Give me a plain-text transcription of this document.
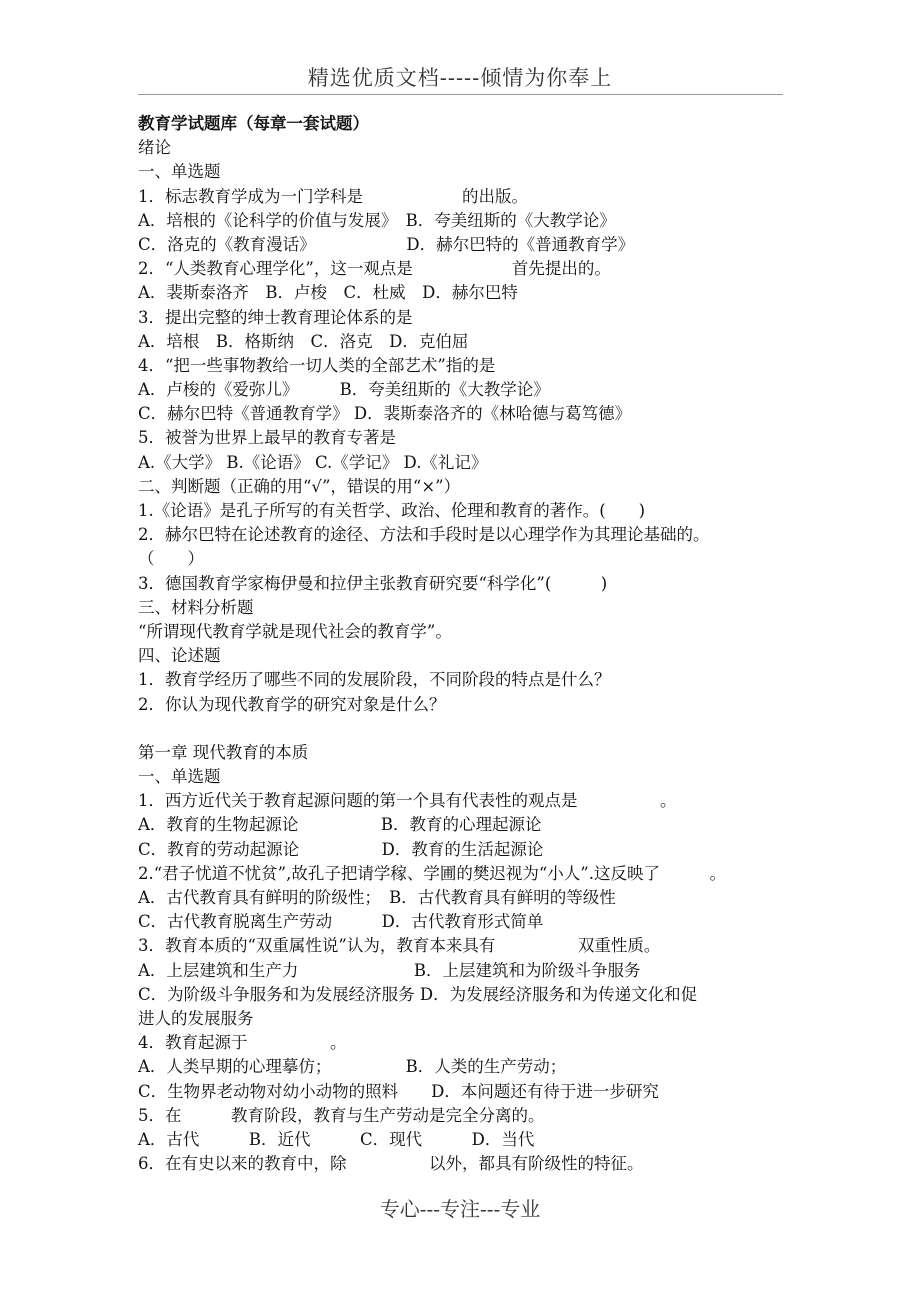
精选优质文档-----倾情为你奉上
教育学试题库（每章一套试题）
绪论
一、单选题
1．标志教育学成为一门学科是　　　　　　的出版。
A．培根的《论科学的价值与发展》　B．夸美纽斯的《大教学论》
C．洛克的《教育漫话》　　　　　　D．赫尔巴特的《普通教育学》
2．“人类教育心理学化”，这一观点是　　　　　　首先提出的。
A．裴斯泰洛齐　B．卢梭　C．杜威　D．赫尔巴特
3．提出完整的绅士教育理论体系的是
A．培根　B．格斯纳　C．洛克　D．克伯屈
4．“把一些事物教给一切人类的全部艺术”指的是
A．卢梭的《爱弥儿》　　　B．夸美纽斯的《大教学论》
C．赫尔巴特《普通教育学》 D．裴斯泰洛齐的《林哈德与葛笃德》
5．被誉为世界上最早的教育专著是
A.《大学》 B.《论语》 C.《学记》 D.《礼记》
二、判断题（正确的用“√”，错误的用“×”）
1.《论语》是孔子所写的有关哲学、政治、伦理和教育的著作。(　　)
2．赫尔巴特在论述教育的途径、方法和手段时是以心理学作为其理论基础的。
（　　）
3．德国教育学家梅伊曼和拉伊主张教育研究要“科学化”(　　　)
三、材料分析题
“所谓现代教育学就是现代社会的教育学”。
四、论述题
1．教育学经历了哪些不同的发展阶段，不同阶段的特点是什么？
2．你认为现代教育学的研究对象是什么？
第一章 现代教育的本质
一、单选题
1．西方近代关于教育起源问题的第一个具有代表性的观点是　　　　　。
A．教育的生物起源论　　　　　B．教育的心理起源论
C．教育的劳动起源论　　　　　D．教育的生活起源论
2.“君子忧道不忧贫”,故孔子把请学稼、学圃的樊迟视为“小人”.这反映了　　　。
A．古代教育具有鲜明的阶级性；　B．古代教育具有鲜明的等级性
C．古代教育脱离生产劳动　　　D．古代教育形式简单
3．教育本质的“双重属性说”认为，教育本来具有　　　　　双重性质。
A．上层建筑和生产力　　　　　　　B．上层建筑和为阶级斗争服务
C．为阶级斗争服务和为发展经济服务 D．为发展经济服务和为传递文化和促
进人的发展服务
4．教育起源于　　　　　。
A．人类早期的心理摹仿；　　　　　B．人类的生产劳动；
C．生物界老动物对幼小动物的照料　　D．本问题还有待于进一步研究
5．在　　　教育阶段，教育与生产劳动是完全分离的。
A．古代　　　B．近代　　　C．现代　　　D．当代
6．在有史以来的教育中，除　　　　　以外，都具有阶级性的特征。
专心---专注---专业
